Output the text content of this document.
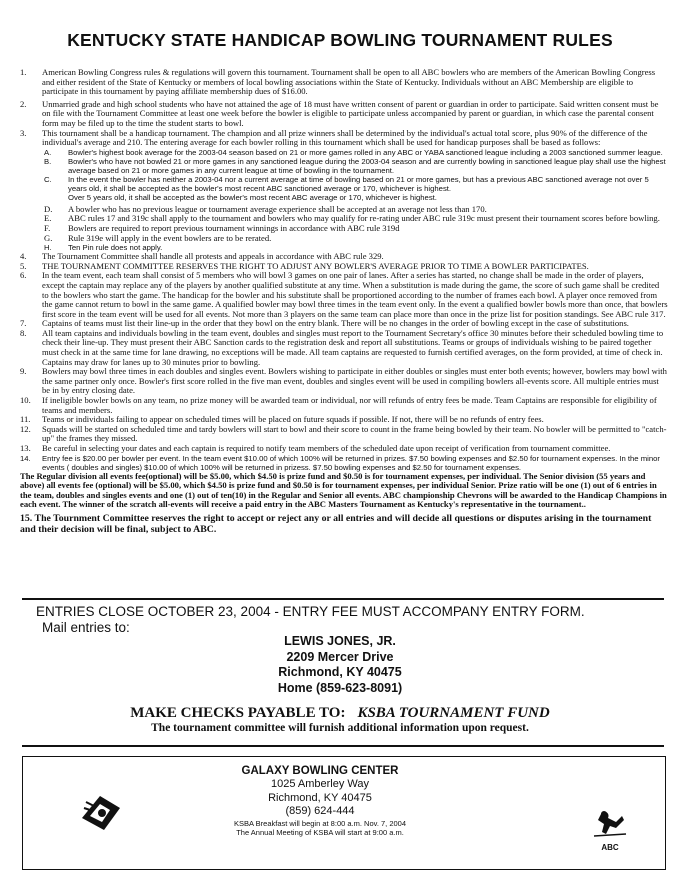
KENTUCKY STATE HANDICAP BOWLING TOURNAMENT RULES
1. American Bowling Congress rules & regulations will govern this tournament. Tournament shall be open to all ABC bowlers who are members of the American Bowling Congress and either resident of the State of Kentucky or members of local bowling associations within the State of Kentucky. Individuals without an ABC Membership are eligible to participate in this tournament by paying affiliate membership dues of $16.00.
2. Unmarried grade and high school students who have not attained the age of 18 must have written consent of parent or guardian in order to participate. Said written consent must be on file with the Tournament Committee at least one week before the bowler is eligible to participate unless accompanied by parent or guardian, in which case the parental consent form may be filed up to the time the student starts to bowl.
3. This tournament shall be a handicap tournament. The champion and all prize winners shall be determined by the individual's actual total score, plus 90% of the difference of the individual's average and 210. The entering average for each bowler rolling in this tournament which shall be used for handicap purposes shall be based as follows:
A. Bowler's highest book average for the 2003-04 season based on 21 or more games rolled in any ABC or YABA sanctioned league including a 2003 sanctioned summer league.
B. Bowler's who have not bowled 21 or more games in any sanctioned league during the 2003-04 season and are currently bowling in sanctioned league play shall use the highest average based on 21 or more games in any current league at time of bowling in the tournament.
C. In the event the bowler has neither a 2003-04 nor a current average at time of bowling based on 21 or more games, but has a previous ABC sanctioned average not over 5 years old, it shall be accepted as the bowler's most recent ABC sanctioned average or 170, whichever is highest.
Over 5 years old, it shall be accepted as the bowler's most recent ABC average or 170, whichever is highest.
D. A bowler who has no previous league or tournament average experience shall be accepted at an average not less than 170.
E. ABC rules 17 and 319c shall apply to the tournament and bowlers who may qualify for re-rating under ABC rule 319c must present their tournament scores before bowling.
F. Bowlers are required to report previous tournament winnings in accordance with ABC rule 319d
G. Rule 319e will apply in the event bowlers are to be rerated.
H. Ten Pin rule does not apply.
4. The Tournament Committee shall handle all protests and appeals in accordance with ABC rule 329.
5. THE TOURNAMENT COMMITTEE RESERVES THE RIGHT TO ADJUST ANY BOWLER'S AVERAGE PRIOR TO TIME A BOWLER PARTICIPATES.
6. In the team event, each team shall consist of 5 members who will bowl 3 games on one pair of lanes. After a series has started, no change shall be made in the order of players, except the captain may replace any of the players by another qualified substitute at any time. When a substitution is made during the game, the score of such game shall be credited to the bowlers who start the game. The handicap for the bowler and his substitute shall be proportioned according to the number of frames each bowl. A player once removed from the game cannot return to bowl in the same game. A qualified bowler may bowl three times in the team event only. In the event a qualified bowler bowls more than once, that bowlers first score in the team event will be used for all events. Not more than 3 players on the same team can place more than once in the prize list for position standings. See ABC rule 317.
7. Captains of teams must list their line-up in the order that they bowl on the entry blank. There will be no changes in the order of bowling except in the case of substitutions.
8. All team captains and individuals bowling in the team event, doubles and singles must report to the Tournament Secretary's office 30 minutes before their scheduled bowling time to check their line-up. They must present their ABC Sanction cards to the registration desk and report all substitutions. Teams or groups of individuals wishing to be paired together must check in at the same time for lane drawing, no exceptions will be made. All team captains are requested to furnish certified averages, on the form provided, at time of check in. Captains may draw for lanes up to 30 minutes prior to bowling.
9. Bowlers may bowl three times in each doubles and singles event. Bowlers wishing to participate in either doubles or singles must enter both events; however, bowlers may bowl with the same partner only once. Bowler's first score rolled in the five man event, doubles and singles event will be used in compiling bowlers all-events score. All multiple entries must be in by entry closing date.
10. If ineligible bowler bowls on any team, no prize money will be awarded team or individual, nor will refunds of entry fees be made. Team Captains are responsible for eligibility of teams and members.
11. Teams or individuals failing to appear on scheduled times will be placed on future squads if possible. If not, there will be no refunds of entry fees.
12. Squads will be started on scheduled time and tardy bowlers will start to bowl and their score to count in the frame being bowled by their team. No bowler will be permitted to "catch-up" the frames they missed.
13. Be careful in selecting your dates and each captain is required to notify team members of the scheduled date upon receipt of verification from tournament committee.
14. Entry fee is $20.00 per bowler per event. In the team event $10.00 of which 100% will be returned in prizes. $7.50 bowling expenses and $2.50 for tournament expenses. In the minor events ( doubles and singles) $10.00 of which 100% will be returned in prizess. $7.50 bowling expenses and $2.50 for tournament expenses.
The Regular division all events fee(optional) will be $5.00, which $4.50 is prize fund and $0.50 is for tournament expenses, per individual. The Senior division (55 years and above) all events fee (optional) will be $5.00, which $4.50 is prize fund and $0.50 is for tournament expenses, per individual Senior. Prize ratio will be one (1) out of 6 entries in the team, doubles and singles events and one (1) out of ten(10) in the Regular and Senior all events. ABC championship Chevrons will be awarded to the Handicap Champions in each event. The winner of the scratch all-events will receive a paid entry in the ABC Masters Tournament as Kentucky's representative in the tournament..
15. The Tournment Committee reserves the right to accept or reject any or all entries and will decide all questions or disputes arising in the tournament and their decision will be final, subject to ABC.
ENTRIES CLOSE OCTOBER 23, 2004 - ENTRY FEE MUST ACCOMPANY ENTRY FORM.
Mail entries to:
LEWIS JONES, JR.
2209 Mercer Drive
Richmond, KY 40475
Home (859-623-8091)
MAKE CHECKS PAYABLE TO: KSBA TOURNAMENT FUND
The tournament committee will furnish additional information upon request.
GALAXY BOWLING CENTER
1025 Amberley Way
Richmond, KY 40475
(859) 624-444
KSBA Breakfast will begin at 8:00 a.m. Nov. 7, 2004
The Annual Meeting of KSBA will start at 9:00 a.m.
ABC
